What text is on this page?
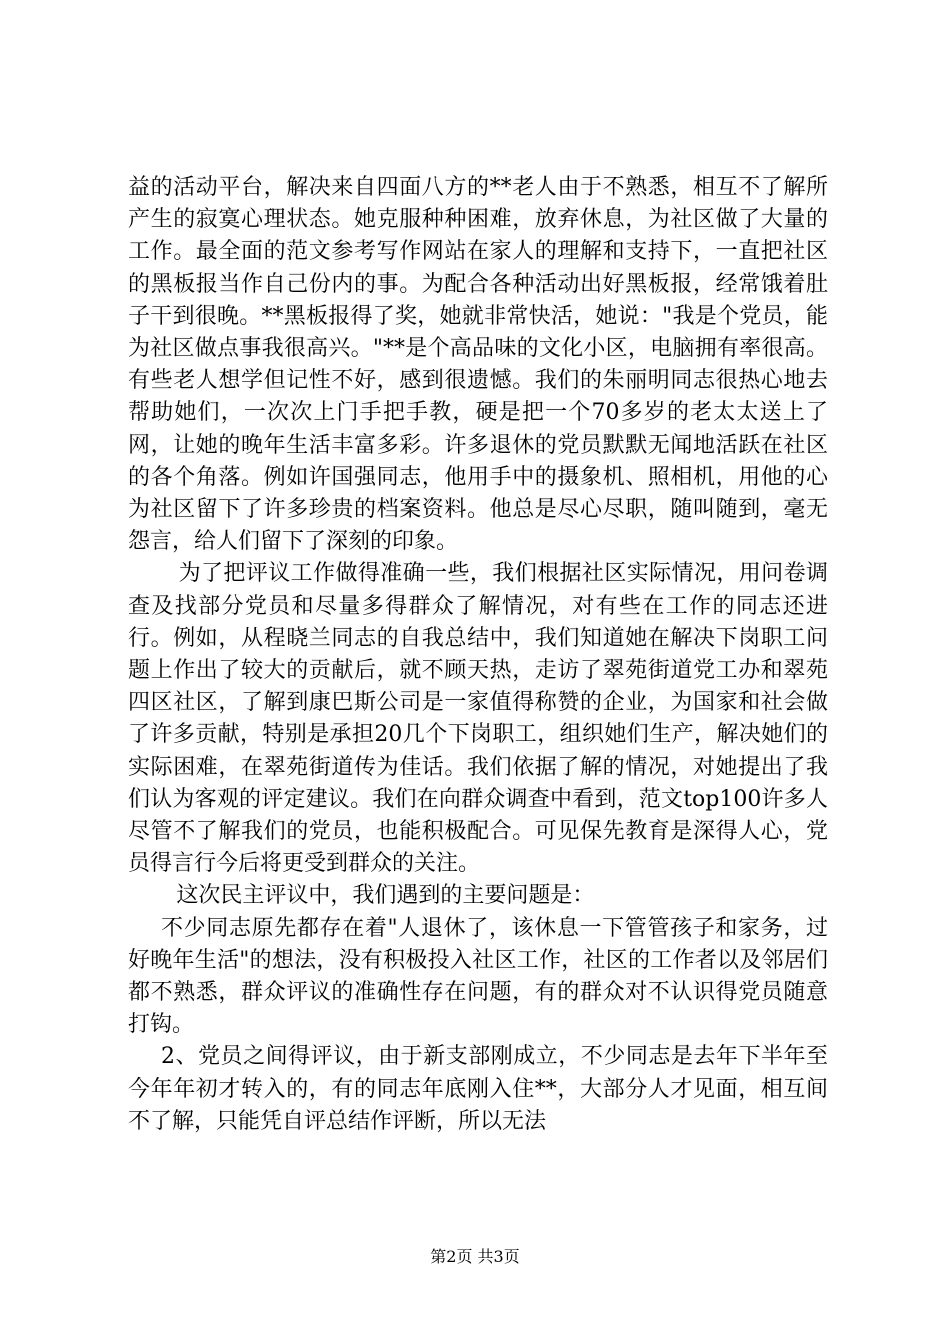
益的活动平台，解决来自四面八方的**老人由于不熟悉，相互不了解所产生的寂寞心理状态。她克服种种困难，放弃休息，为社区做了大量的工作。最全面的范文参考写作网站在家人的理解和支持下，一直把社区的黑板报当作自己份内的事。为配合各种活动出好黑板报，经常饿着肚子干到很晚。**黑板报得了奖，她就非常快活，她说："我是个党员，能为社区做点事我很高兴。"**是个高品味的文化小区，电脑拥有率很高。有些老人想学但记性不好，感到很遗憾。我们的朱丽明同志很热心地去帮助她们，一次次上门手把手教，硬是把一个70多岁的老太太送上了网，让她的晚年生活丰富多彩。许多退休的党员默默无闻地活跃在社区的各个角落。例如许国强同志，他用手中的摄象机、照相机，用他的心为社区留下了许多珍贵的档案资料。他总是尽心尽职，随叫随到，毫无怨言，给人们留下了深刻的印象。

为了把评议工作做得准确一些，我们根据社区实际情况，用问卷调查及找部分党员和尽量多得群众了解情况，对有些在工作的同志还进行。例如，从程晓兰同志的自我总结中，我们知道她在解决下岗职工问题上作出了较大的贡献后，就不顾天热，走访了翠苑街道党工办和翠苑四区社区，了解到康巴斯公司是一家值得称赞的企业，为国家和社会做了许多贡献，特别是承担20几个下岗职工，组织她们生产，解决她们的实际困难，在翠苑街道传为佳话。我们依据了解的情况，对她提出了我们认为客观的评定建议。我们在向群众调查中看到，范文top100许多人尽管不了解我们的党员，也能积极配合。可见保先教育是深得人心，党员得言行今后将更受到群众的关注。

这次民主评议中，我们遇到的主要问题是：

不少同志原先都存在着"人退休了，该休息一下管管孩子和家务，过好晚年生活"的想法，没有积极投入社区工作，社区的工作者以及邻居们都不熟悉，群众评议的准确性存在问题，有的群众对不认识得党员随意打钩。

2、党员之间得评议，由于新支部刚成立，不少同志是去年下半年至今年年初才转入的，有的同志年底刚入住**，大部分人才见面，相互间不了解，只能凭自评总结作评断，所以无法

第2页 共3页
